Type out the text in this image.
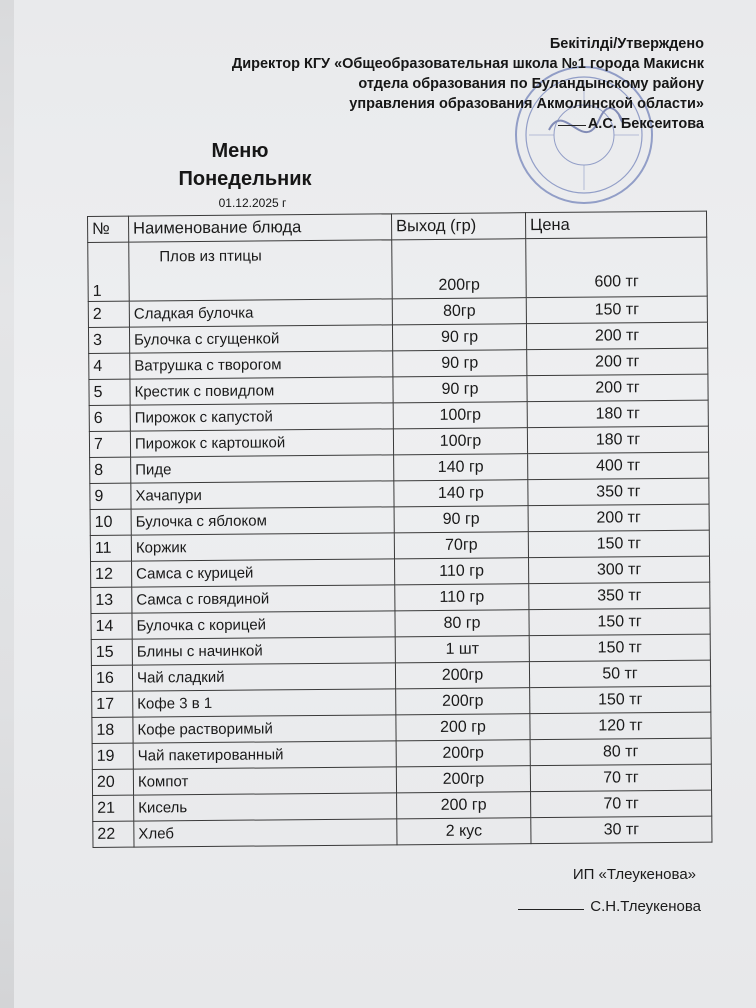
Бекітілді/Утверждено
Директор КГУ «Общеобразовательная школа №1 города Макиснк
отдела образования по Буландынскому району
управления образования Акмолинской области»
А.С. Бексеитова
Меню
Понедельник
01.12.2025 г
№	Наименование блюда	Выход (гр)	Цена
1	Плов из птицы	200гр	600 тг
2	Сладкая булочка	80гр	150 тг
3	Булочка с сгущенкой	90 гр	200 тг
4	Ватрушка с творогом	90 гр	200 тг
5	Крестик с повидлом	90 гр	200 тг
6	Пирожок с капустой	100гр	180 тг
7	Пирожок с картошкой	100гр	180 тг
8	Пиде	140 гр	400 тг
9	Хачапури	140 гр	350 тг
10	Булочка с яблоком	90 гр	200 тг
11	Коржик	70гр	150 тг
12	Самса с курицей	110 гр	300 тг
13	Самса с говядиной	110 гр	350 тг
14	Булочка с корицей	80 гр	150 тг
15	Блины с начинкой	1 шт	150 тг
16	Чай сладкий	200гр	50 тг
17	Кофе 3 в 1	200гр	150 тг
18	Кофе растворимый	200 гр	120 тг
19	Чай пакетированный	200гр	80 тг
20	Компот	200гр	70 тг
21	Кисель	200 гр	70 тг
22	Хлеб	2 кус	30 тг
ИП «Тлеукенова»
С.Н.Тлеукенова
